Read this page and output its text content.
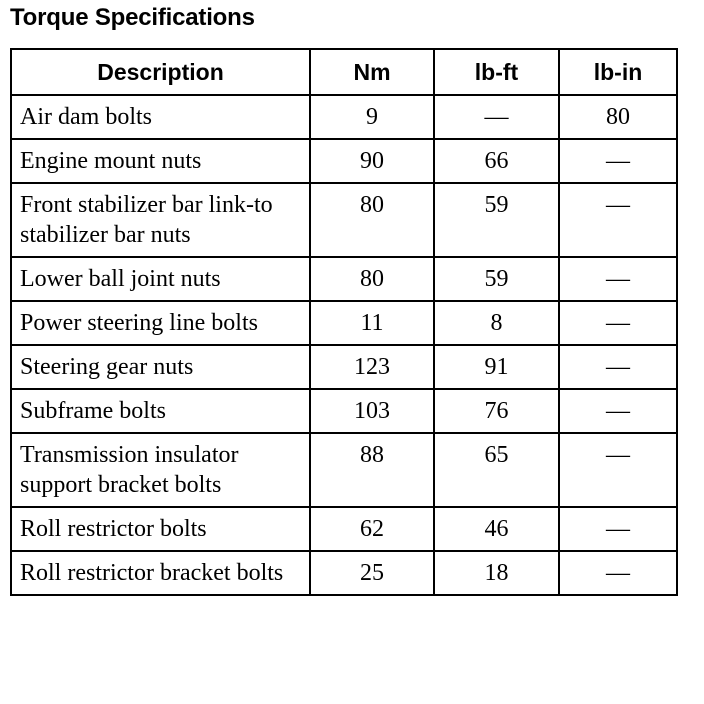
Torque Specifications
Description	Nm	lb-ft	lb-in
Air dam bolts	9	—	80
Engine mount nuts	90	66	—
Front stabilizer bar link-to stabilizer bar nuts	80	59	—
Lower ball joint nuts	80	59	—
Power steering line bolts	11	8	—
Steering gear nuts	123	91	—
Subframe bolts	103	76	—
Transmission insulator support bracket bolts	88	65	—
Roll restrictor bolts	62	46	—
Roll restrictor bracket bolts	25	18	—
